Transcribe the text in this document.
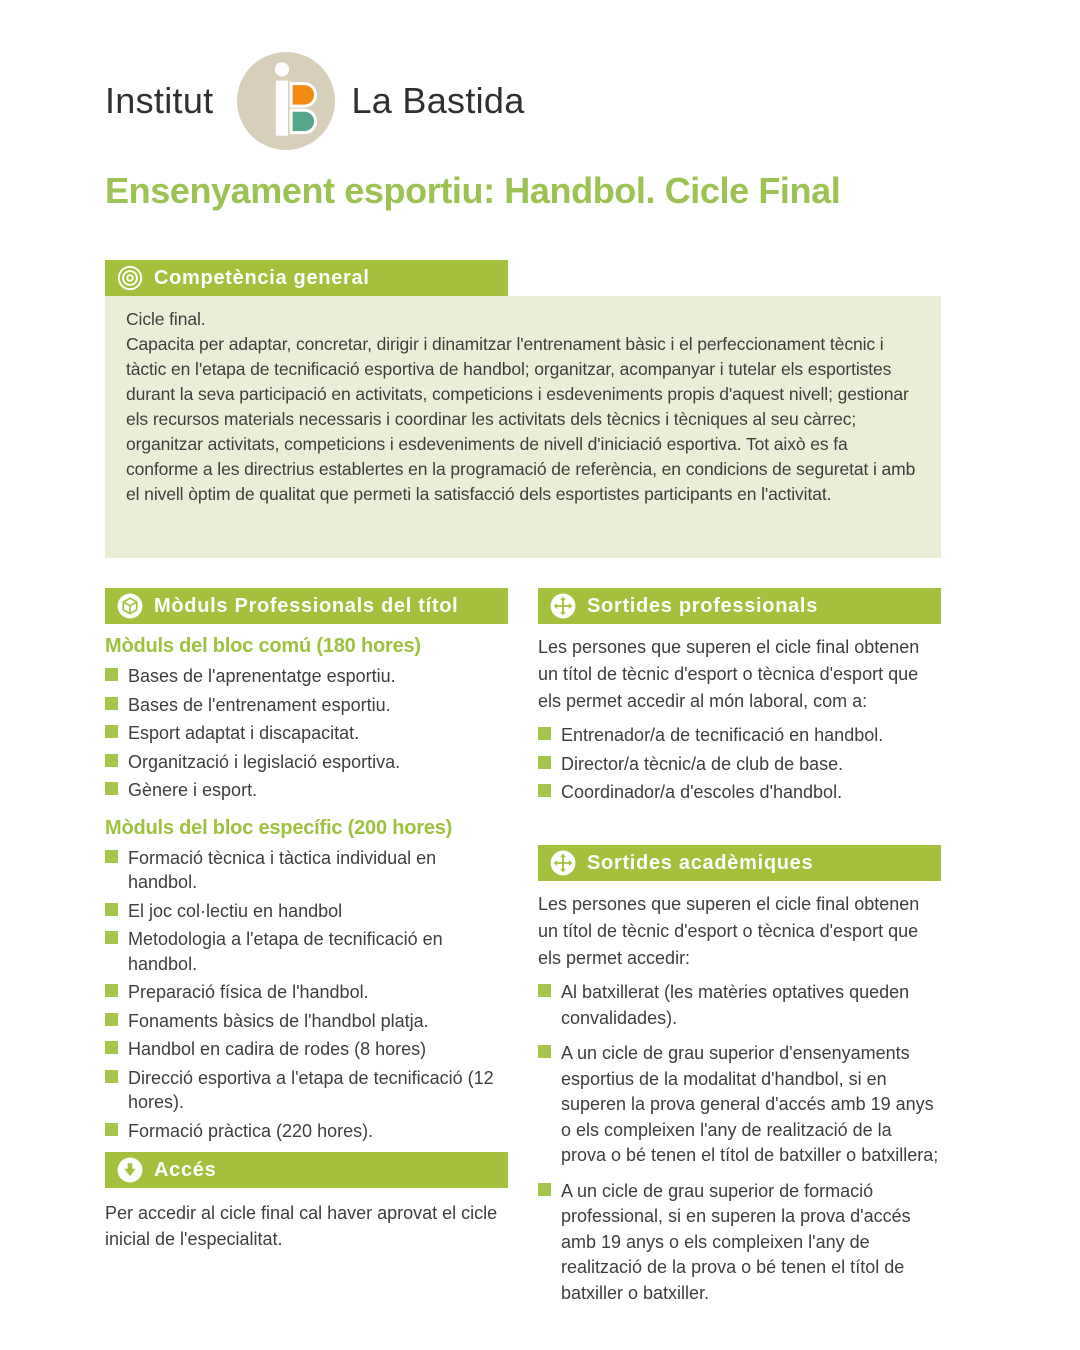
Institut	La Bastida
Ensenyament esportiu: Handbol. Cicle Final
Competència general
Cicle final.
Capacita per adaptar, concretar, dirigir i dinamitzar l'entrenament bàsic i el perfeccionament tècnic i tàctic en l'etapa de tecnificació esportiva de handbol; organitzar, acompanyar i tutelar els esportistes durant la seva participació en activitats, competicions i esdeveniments propis d'aquest nivell; gestionar els recursos materials necessaris i coordinar les activitats dels tècnics i tècniques al seu càrrec; organitzar activitats, competicions i esdeveniments de nivell d'iniciació esportiva. Tot això es fa conforme a les directrius establertes en la programació de referència, en condicions de seguretat i amb el nivell òptim de qualitat que permeti la satisfacció dels esportistes participants en l'activitat.
Mòduls Professionals del títol
Mòduls del bloc comú (180 hores)
Bases de l'aprenentatge esportiu.
Bases de l'entrenament esportiu.
Esport adaptat i discapacitat.
Organització i legislació esportiva.
Gènere i esport.
Mòduls del bloc específic (200 hores)
Formació tècnica i tàctica individual en handbol.
El joc col·lectiu en handbol
Metodologia a l'etapa de tecnificació en handbol.
Preparació física de l'handbol.
Fonaments bàsics de l'handbol platja.
Handbol en cadira de rodes (8 hores)
Direcció esportiva a l'etapa de tecnificació (12 hores).
Formació pràctica (220 hores).
Accés
Per accedir al cicle final cal haver aprovat el cicle inicial de l'especialitat.
Sortides professionals
Les persones que superen el cicle final obtenen un títol de tècnic d'esport o tècnica d'esport que els permet accedir al món laboral, com a:
Entrenador/a de tecnificació en handbol.
Director/a tècnic/a de club de base.
Coordinador/a d'escoles d'handbol.
Sortides acadèmiques
Les persones que superen el cicle final obtenen un títol de tècnic d'esport o tècnica d'esport que els permet accedir:
Al batxillerat (les matèries optatives queden convalidades).
A un cicle de grau superior d'ensenyaments esportius de la modalitat d'handbol, si en superen la prova general d'accés amb 19 anys o els compleixen l'any de realització de la prova o bé tenen el títol de batxiller o batxillera;
A un cicle de grau superior de formació professional, si en superen la prova d'accés amb 19 anys o els compleixen l'any de realització de la prova o bé tenen el títol de batxiller o batxiller.
